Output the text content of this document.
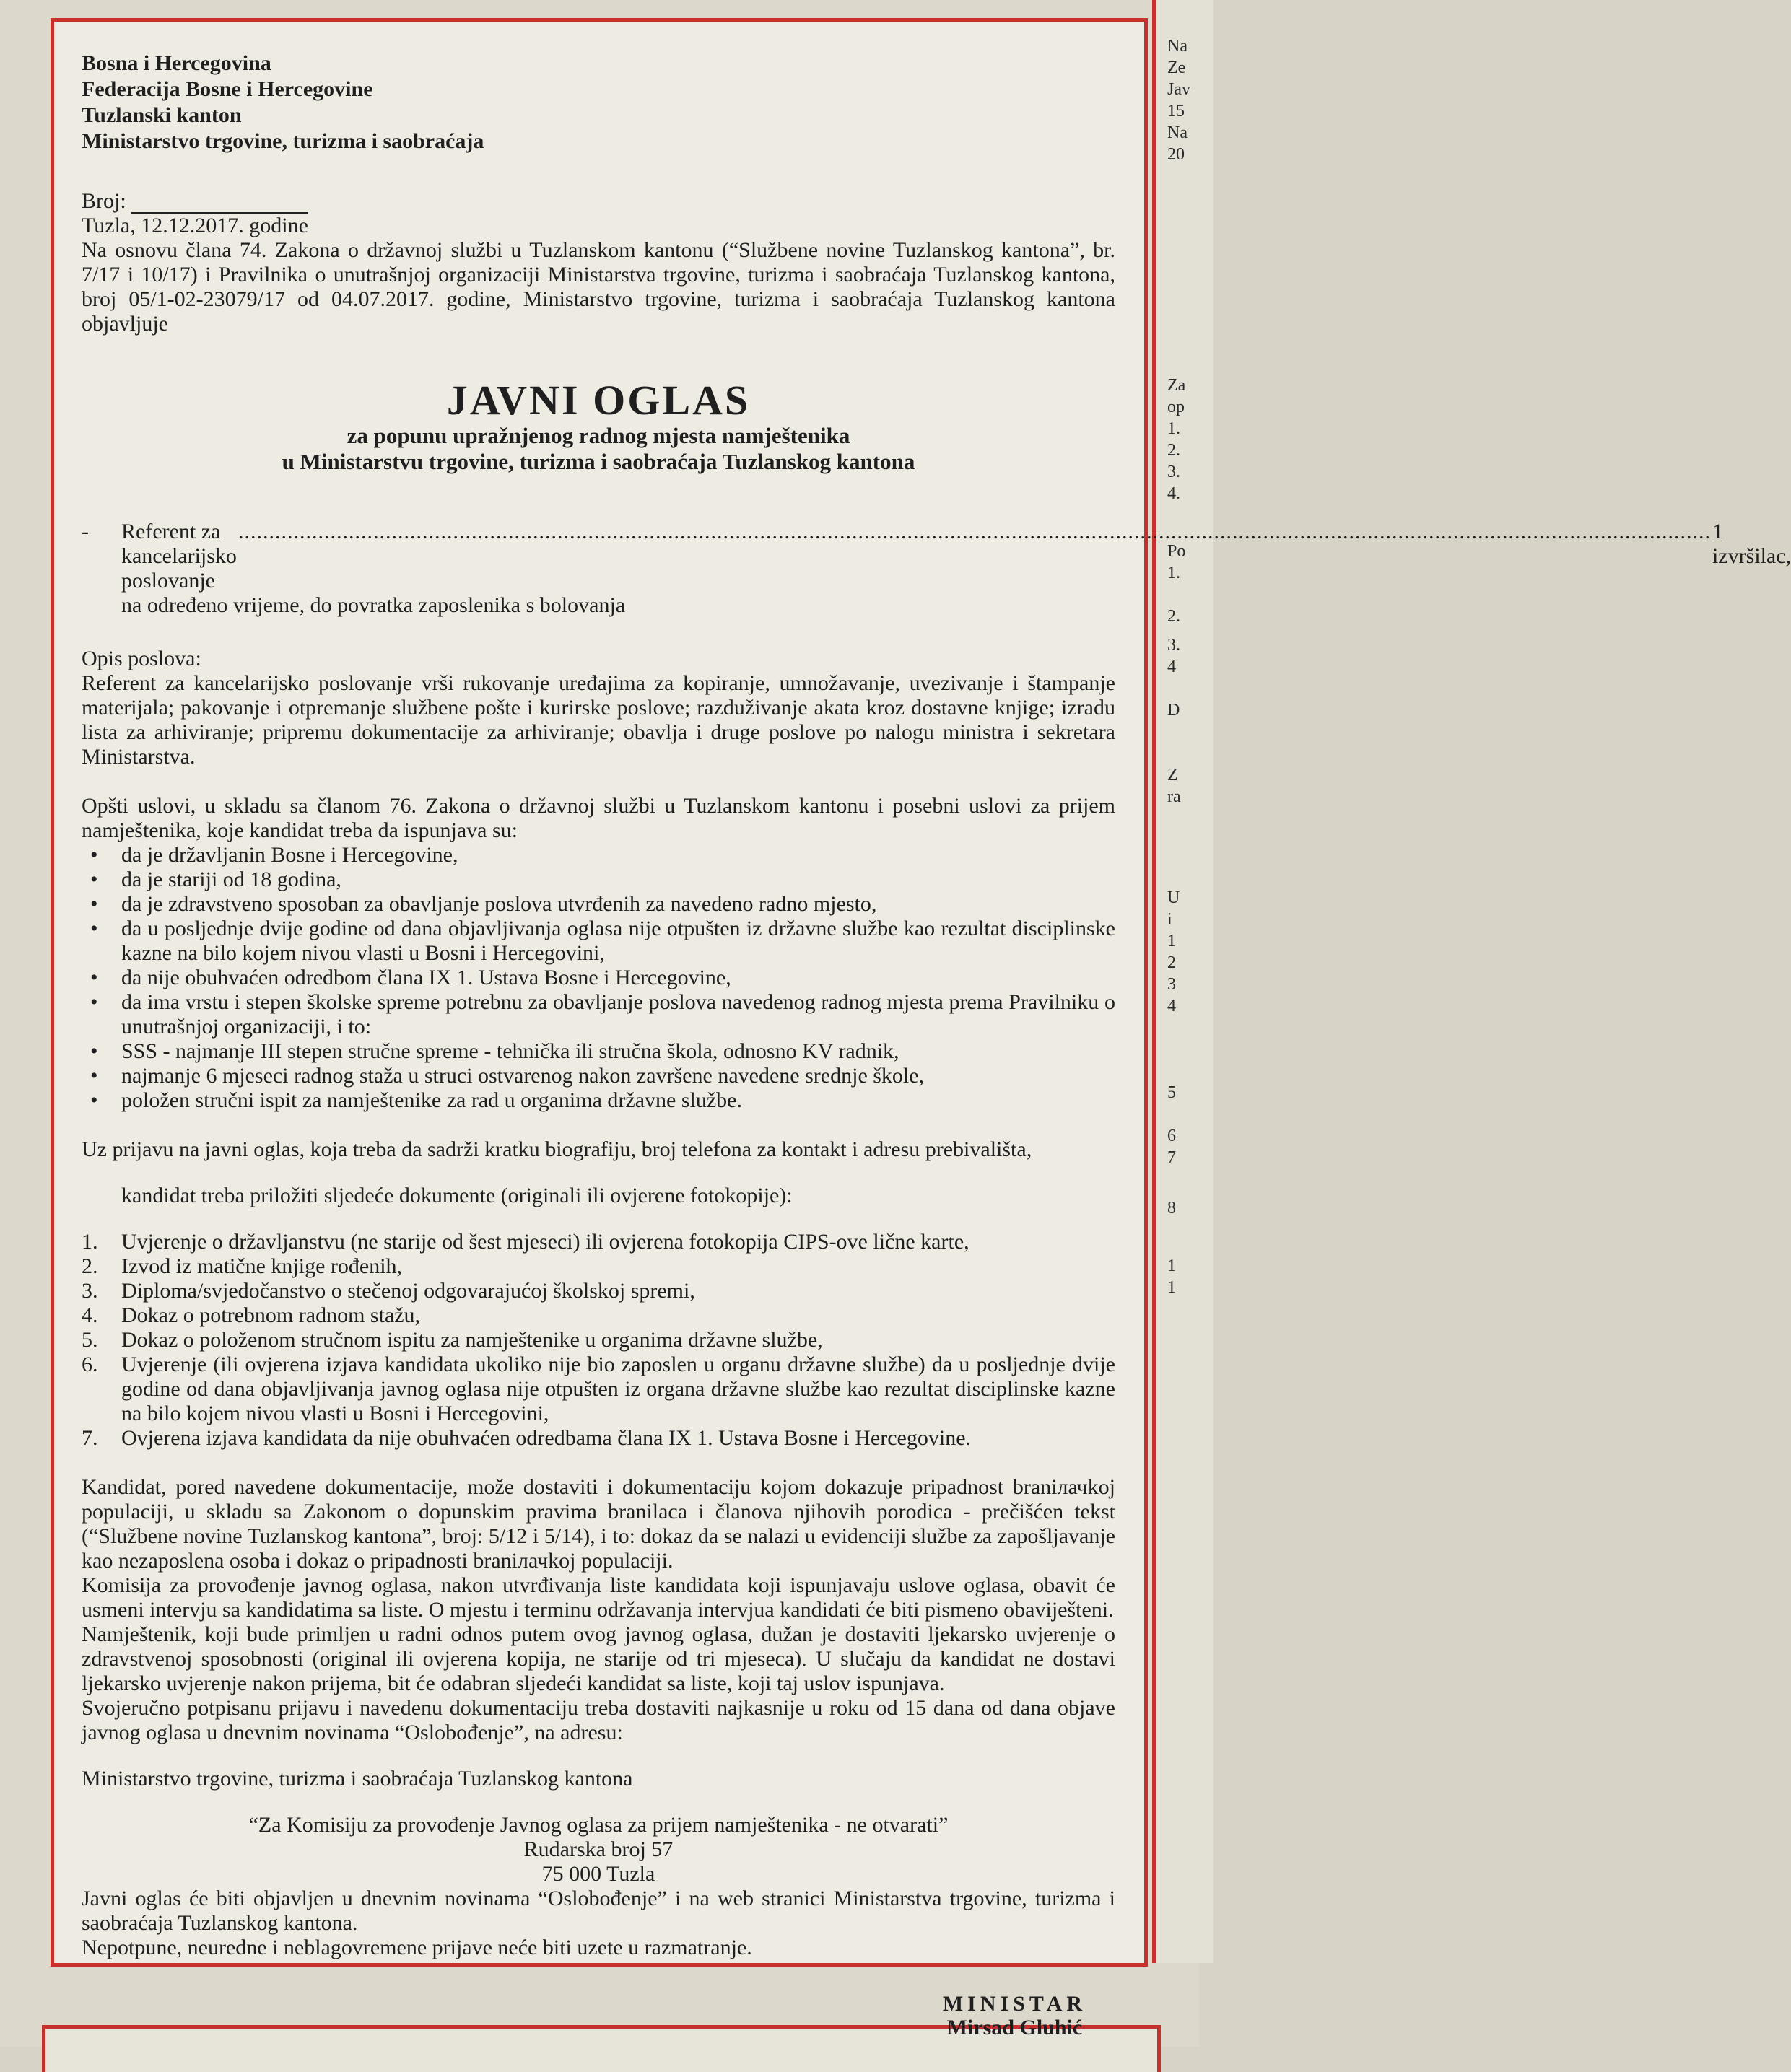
Na
Ze
Jav
15
Na
20
Za
op
1.
2.
3.
4.
Po
1.
2.
3.
4
D
Z
ra
U
i
1
2
3
4
5
6
7
8
1
1

Bosna i Hercegovina

Federacija Bosne i Hercegovine

Tuzlanski kanton

Ministarstvo trgovine, turizma i saobraćaja

Broj:

Tuzla, 12.12.2017. godine

Na osnovu člana 74. Zakona o državnoj službi u Tuzlanskom kantonu (“Službene novine Tuzlanskog kantona”, br. 7/17 i 10/17) i Pravilnika o unutrašnjoj organizaciji Ministarstva trgovine, turizma i saobraćaja Tuzlanskog kantona, broj 05/1-02-23079/17 od 04.07.2017. godine, Ministarstvo trgovine, turizma i saobraćaja Tuzlanskog kantona objavljuje

JAVNI OGLAS

za popunu upražnjenog radnog mjesta namještenika

u Ministarstvu trgovine, turizma i saobraćaja Tuzlanskog kantona

-	Referent za kancelarijsko poslovanje
.....
1 izvršilac,
na određeno vrijeme, do povratka zaposlenika s bolovanja

Opis poslova:

Referent za kancelarijsko poslovanje vrši rukovanje uređajima za kopiranje, umnožavanje, uvezivanje i štampanje materijala; pakovanje i otpremanje službene pošte i kurirske poslove; razduživanje akata kroz dostavne knjige; izradu lista za arhiviranje; pripremu dokumentacije za arhiviranje; obavlja i druge poslove po nalogu ministra i sekretara Ministarstva.

Opšti uslovi, u skladu sa članom 76. Zakona o državnoj službi u Tuzlanskom kantonu i posebni uslovi za prijem namještenika, koje kandidat treba da ispunjava su:

• da je državljanin Bosne i Hercegovine,
• da je stariji od 18 godina,
• da je zdravstveno sposoban za obavljanje poslova utvrđenih za navedeno radno mjesto,
• da u posljednje dvije godine od dana objavljivanja oglasa nije otpušten iz državne službe kao rezultat disciplinske kazne na bilo kojem nivou vlasti u Bosni i Hercegovini,
• da nije obuhvaćen odredbom člana IX 1. Ustava Bosne i Hercegovine,
• da ima vrstu i stepen školske spreme potrebnu za obavljanje poslova navedenog radnog mjesta prema Pravilniku o unutrašnjoj organizaciji, i to:
• SSS - najmanje III stepen stručne spreme - tehnička ili stručna škola, odnosno KV radnik,
• najmanje 6 mjeseci radnog staža u struci ostvarenog nakon završene navedene srednje škole,
• položen stručni ispit za namještenike za rad u organima državne službe.

Uz prijavu na javni oglas, koja treba da sadrži kratku biografiju, broj telefona za kontakt i adresu prebivališta,

kandidat treba priložiti sljedeće dokumente (originali ili ovjerene fotokopije):

1.	Uvjerenje o državljanstvu (ne starije od šest mjeseci) ili ovjerena fotokopija CIPS-ove lične karte,
2.	Izvod iz matične knjige rođenih,
3.	Diploma/svjedočanstvo o stečenoj odgovarajućoj školskoj spremi,
4.	Dokaz o potrebnom radnom stažu,
5.	Dokaz o položenom stručnom ispitu za namještenike u organima državne službe,
6.	Uvjerenje (ili ovjerena izjava kandidata ukoliko nije bio zaposlen u organu državne službe) da u posljednje dvije godine od dana objavljivanja javnog oglasa nije otpušten iz organa državne službe kao rezultat disciplinske kazne na bilo kojem nivou vlasti u Bosni i Hercegovini,
7.	Ovjerena izjava kandidata da nije obuhvaćen odredbama člana IX 1. Ustava Bosne i Hercegovine.

Kandidat, pored navedene dokumentacije, može dostaviti i dokumentaciju kojom dokazuje pripadnost braniлачkoj populaciji, u skladu sa Zakonom o dopunskim pravima branilaca i članova njihovih porodica - prečišćen tekst (“Službene novine Tuzlanskog kantona”, broj: 5/12 i 5/14), i to: dokaz da se nalazi u evidenciji službe za zapošljavanje kao nezaposlena osoba i dokaz o pripadnosti braniлачkoj populaciji.

Komisija za provođenje javnog oglasa, nakon utvrđivanja liste kandidata koji ispunjavaju uslove oglasa, obavit će usmeni intervju sa kandidatima sa liste. O mjestu i terminu održavanja intervjua kandidati će biti pismeno obaviješteni.

Namještenik, koji bude primljen u radni odnos putem ovog javnog oglasa, dužan je dostaviti ljekarsko uvjerenje o zdravstvenoj sposobnosti (original ili ovjerena kopija, ne starije od tri mjeseca). U slučaju da kandidat ne dostavi ljekarsko uvjerenje nakon prijema, bit će odabran sljedeći kandidat sa liste, koji taj uslov ispunjava.

Svojeručno potpisanu prijavu i navedenu dokumentaciju treba dostaviti najkasnije u roku od 15 dana od dana objave javnog oglasa u dnevnim novinama “Oslobođenje”, na adresu:

Ministarstvo trgovine, turizma i saobraćaja Tuzlanskog kantona

“Za Komisiju za provođenje Javnog oglasa za prijem namještenika - ne otvarati”

Rudarska broj 57

75 000 Tuzla

Javni oglas će biti objavljen u dnevnim novinama “Oslobođenje” i na web stranici Ministarstva trgovine, turizma i saobraćaja Tuzlanskog kantona.

Nepotpune, neuredne i neblagovremene prijave neće biti uzete u razmatranje.

MINISTAR

Mirsad Gluhić
